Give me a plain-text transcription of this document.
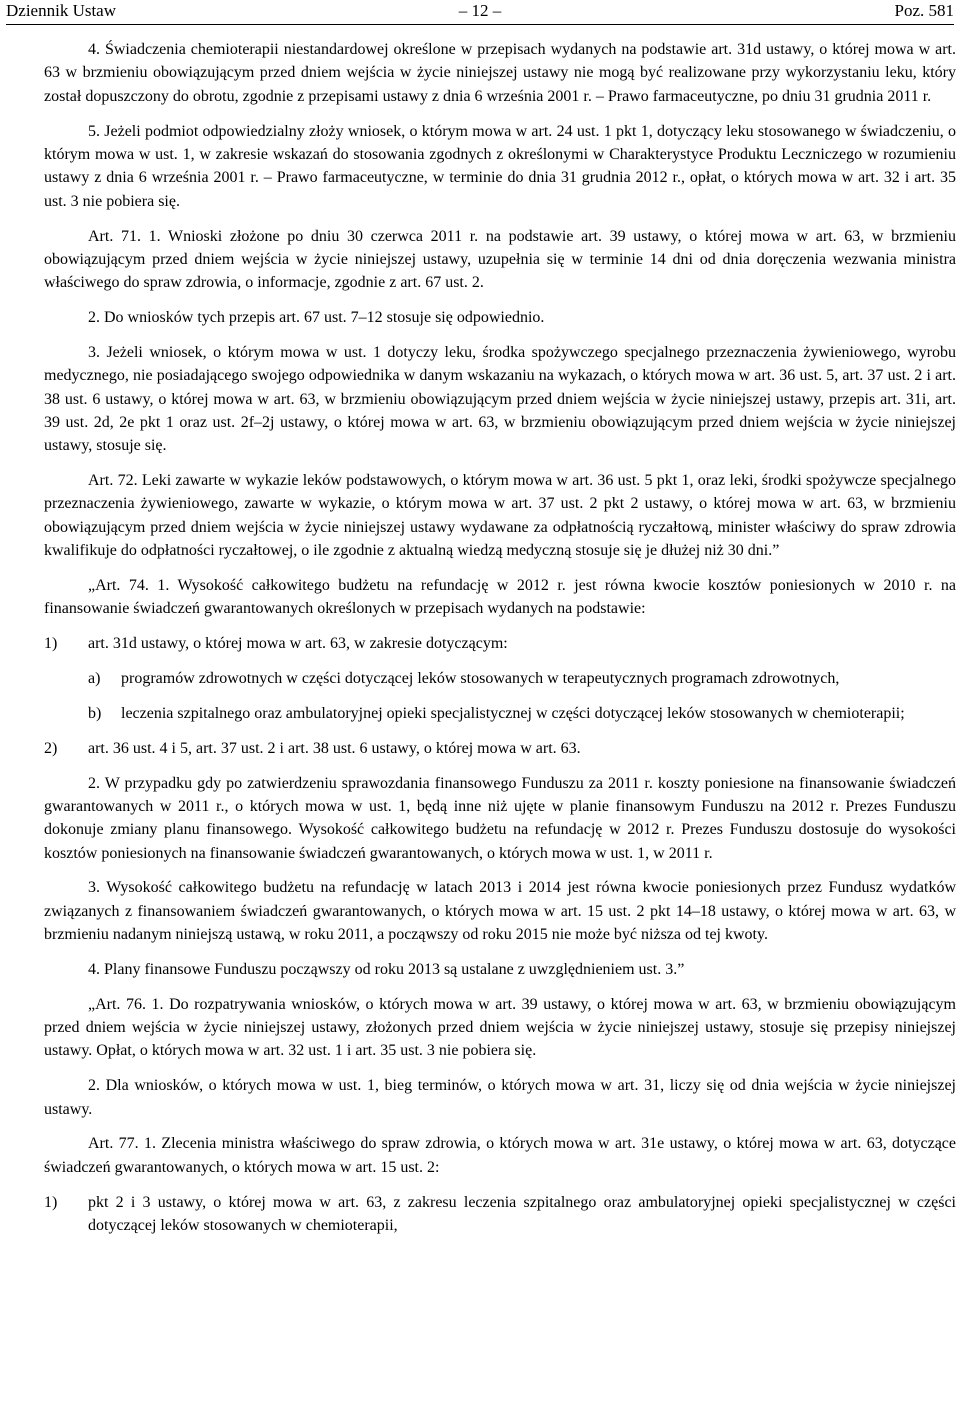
Dziennik Ustaw	– 12 –	Poz. 581

4. Świadczenia chemioterapii niestandardowej określone w przepisach wydanych na podstawie art. 31d ustawy, o której mowa w art. 63 w brzmieniu obowiązującym przed dniem wejścia w życie niniejszej ustawy nie mogą być realizowane przy wykorzystaniu leku, który został dopuszczony do obrotu, zgodnie z przepisami ustawy z dnia 6 września 2001 r. – Prawo farmaceutyczne, po dniu 31 grudnia 2011 r.

5. Jeżeli podmiot odpowiedzialny złoży wniosek, o którym mowa w art. 24 ust. 1 pkt 1, dotyczący leku stosowanego w świadczeniu, o którym mowa w ust. 1, w zakresie wskazań do stosowania zgodnych z określonymi w Charakterystyce Produktu Leczniczego w rozumieniu ustawy z dnia 6 września 2001 r. – Prawo farmaceutyczne, w terminie do dnia 31 grudnia 2012 r., opłat, o których mowa w art. 32 i art. 35 ust. 3 nie pobiera się.

Art. 71. 1. Wnioski złożone po dniu 30 czerwca 2011 r. na podstawie art. 39 ustawy, o której mowa w art. 63, w brzmieniu obowiązującym przed dniem wejścia w życie niniejszej ustawy, uzupełnia się w terminie 14 dni od dnia doręczenia wezwania ministra właściwego do spraw zdrowia, o informacje, zgodnie z art. 67 ust. 2.

2. Do wniosków tych przepis art. 67 ust. 7–12 stosuje się odpowiednio.

3. Jeżeli wniosek, o którym mowa w ust. 1 dotyczy leku, środka spożywczego specjalnego przeznaczenia żywieniowego, wyrobu medycznego, nie posiadającego swojego odpowiednika w danym wskazaniu na wykazach, o których mowa w art. 36 ust. 5, art. 37 ust. 2 i art. 38 ust. 6 ustawy, o której mowa w art. 63, w brzmieniu obowiązującym przed dniem wejścia w życie niniejszej ustawy, przepis art. 31i, art. 39 ust. 2d, 2e pkt 1 oraz ust. 2f–2j ustawy, o której mowa w art. 63, w brzmieniu obowiązującym przed dniem wejścia w życie niniejszej ustawy, stosuje się.

Art. 72. Leki zawarte w wykazie leków podstawowych, o którym mowa w art. 36 ust. 5 pkt 1, oraz leki, środki spożywcze specjalnego przeznaczenia żywieniowego, zawarte w wykazie, o którym mowa w art. 37 ust. 2 pkt 2 ustawy, o której mowa w art. 63, w brzmieniu obowiązującym przed dniem wejścia w życie niniejszej ustawy wydawane za odpłatnością ryczałtową, minister właściwy do spraw zdrowia kwalifikuje do odpłatności ryczałtowej, o ile zgodnie z aktualną wiedzą medyczną stosuje się je dłużej niż 30 dni.”

„Art. 74. 1. Wysokość całkowitego budżetu na refundację w 2012 r. jest równa kwocie kosztów poniesionych w 2010 r. na finansowanie świadczeń gwarantowanych określonych w przepisach wydanych na podstawie:

1) art. 31d ustawy, o której mowa w art. 63, w zakresie dotyczącym:
a) programów zdrowotnych w części dotyczącej leków stosowanych w terapeutycznych programach zdrowotnych,
b) leczenia szpitalnego oraz ambulatoryjnej opieki specjalistycznej w części dotyczącej leków stosowanych w chemioterapii;
2) art. 36 ust. 4 i 5, art. 37 ust. 2 i art. 38 ust. 6 ustawy, o której mowa w art. 63.

2. W przypadku gdy po zatwierdzeniu sprawozdania finansowego Funduszu za 2011 r. koszty poniesione na finansowanie świadczeń gwarantowanych w 2011 r., o których mowa w ust. 1, będą inne niż ujęte w planie finansowym Funduszu na 2012 r. Prezes Funduszu dokonuje zmiany planu finansowego. Wysokość całkowitego budżetu na refundację w 2012 r. Prezes Funduszu dostosuje do wysokości kosztów poniesionych na finansowanie świadczeń gwarantowanych, o których mowa w ust. 1, w 2011 r.

3. Wysokość całkowitego budżetu na refundację w latach 2013 i 2014 jest równa kwocie poniesionych przez Fundusz wydatków związanych z finansowaniem świadczeń gwarantowanych, o których mowa w art. 15 ust. 2 pkt 14–18 ustawy, o której mowa w art. 63, w brzmieniu nadanym niniejszą ustawą, w roku 2011, a począwszy od roku 2015 nie może być niższa od tej kwoty.

4. Plany finansowe Funduszu począwszy od roku 2013 są ustalane z uwzględnieniem ust. 3.”

„Art. 76. 1. Do rozpatrywania wniosków, o których mowa w art. 39 ustawy, o której mowa w art. 63, w brzmieniu obowiązującym przed dniem wejścia w życie niniejszej ustawy, złożonych przed dniem wejścia w życie niniejszej ustawy, stosuje się przepisy niniejszej ustawy. Opłat, o których mowa w art. 32 ust. 1 i art. 35 ust. 3 nie pobiera się.

2. Dla wniosków, o których mowa w ust. 1, bieg terminów, o których mowa w art. 31, liczy się od dnia wejścia w życie niniejszej ustawy.

Art. 77. 1. Zlecenia ministra właściwego do spraw zdrowia, o których mowa w art. 31e ustawy, o której mowa w art. 63, dotyczące świadczeń gwarantowanych, o których mowa w art. 15 ust. 2:

1) pkt 2 i 3 ustawy, o której mowa w art. 63, z zakresu leczenia szpitalnego oraz ambulatoryjnej opieki specjalistycznej w części dotyczącej leków stosowanych w chemioterapii,
